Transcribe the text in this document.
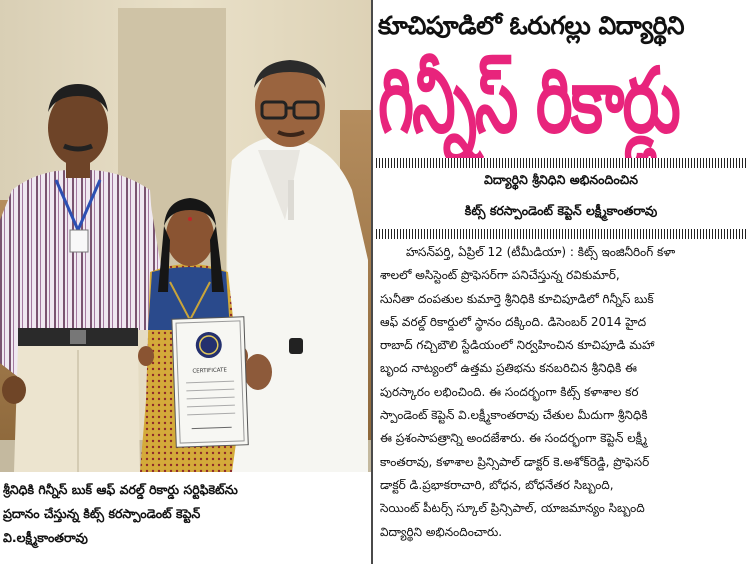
CERTIFICATE
శ్రీనిధికి గిన్నీస్ బుక్ ఆఫ్ వరల్డ్ రికార్డు సర్టిఫికెట్‌ను
ప్రదానం చేస్తున్న కిట్స్ కరస్పాండెంట్ కెప్టెన్
వి.లక్ష్మీకాంతరావు
కూచిపూడిలో ఓరుగల్లు విద్యార్థిని
గిన్నీస్ రికార్డు
విద్యార్థిని శ్రీనిధిని అభినందించిన
కిట్స్ కరస్పాండెంట్ కెప్టెన్ లక్ష్మీకాంతరావు
హసన్‌పర్తి, ఏప్రిల్ 12 (టీమీడియా) : కిట్స్ ఇంజినీరింగ్ కళా
శాలలో అసిస్టెంట్ ప్రొఫెసర్‌గా పనిచేస్తున్న రవికుమార్,
సునీతా దంపతుల కుమార్తె శ్రీనిధికి కూచిపూడిలో గిన్నీస్ బుక్
ఆఫ్ వరల్డ్ రికార్డులో స్థానం దక్కింది. డిసెంబర్ 2014 హైద
రాబాద్ గచ్చిబౌలి స్టేడియంలో నిర్వహించిన కూచిపూడి మహా
బృంద నాట్యంలో ఉత్తమ ప్రతిభను కనబరిచిన శ్రీనిధికి ఈ
పురస్కారం లభించింది. ఈ సందర్భంగా కిట్స్ కళాశాల కర
స్పాండెంట్ కెప్టెన్ వి.లక్ష్మీకాంతరావు చేతుల మీదుగా శ్రీనిధికి
ఈ ప్రశంసాపత్రాన్ని అందజేశారు. ఈ సందర్భంగా కెప్టెన్ లక్ష్మీ
కాంతరావు, కళాశాల ప్రిన్సిపాల్ డాక్టర్ కె.అశోక్‌రెడ్డి, ప్రొఫెసర్
డాక్టర్ డి.ప్రభాకరాచారి, బోధన, బోధనేతర సిబ్బంది,
సెయింట్ పీటర్స్ స్కూల్ ప్రిన్సిపాల్, యాజమాన్యం సిబ్బంది
విద్యార్థిని అభినందించారు.
